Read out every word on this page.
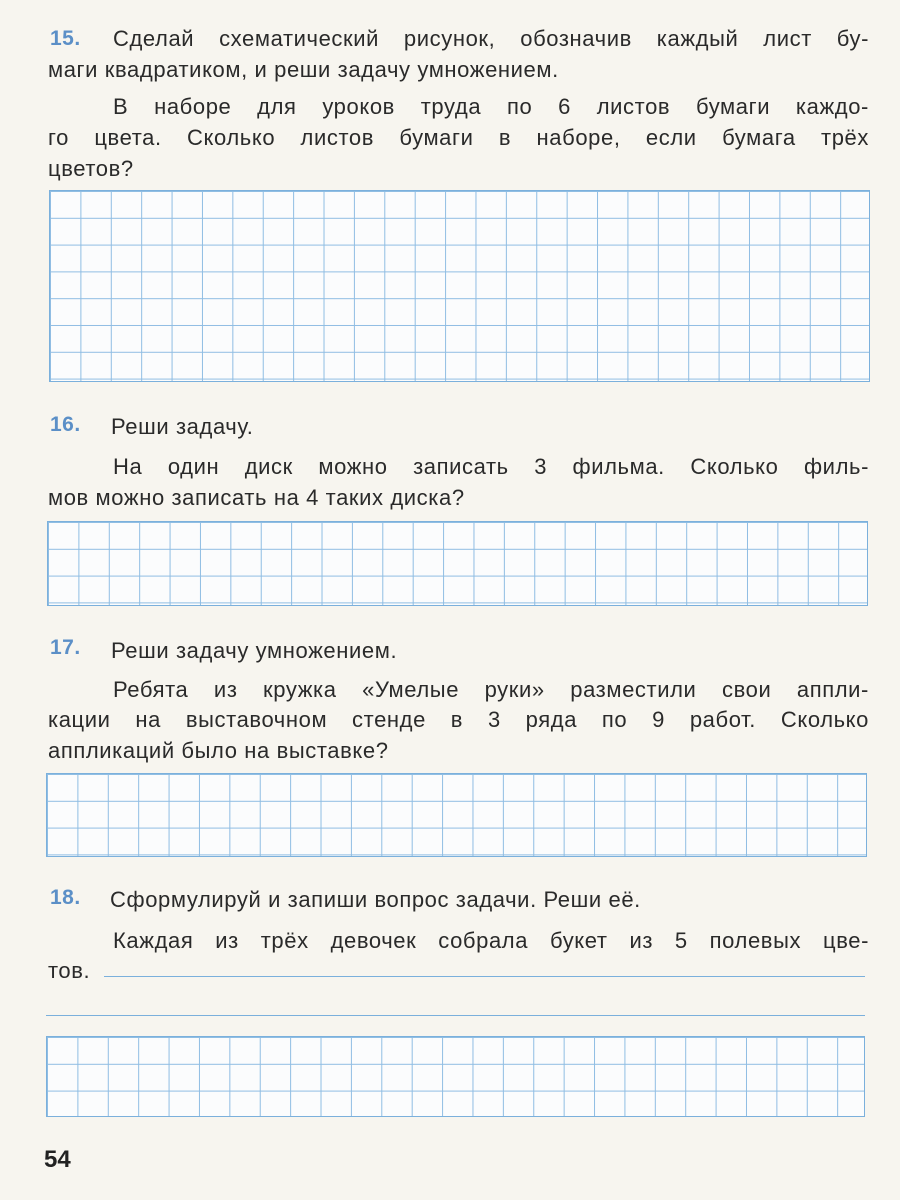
15. Сделай схематический рисунок, обозначив каждый лист бу-
маги квадратиком, и реши задачу умножением.
В наборе для уроков труда по 6 листов бумаги каждо-
го цвета. Сколько листов бумаги в наборе, если бумага трёх
цветов?
16. Реши задачу.
На один диск можно записать 3 фильма. Сколько филь-
мов можно записать на 4 таких диска?
17. Реши задачу умножением.
Ребята из кружка «Умелые руки» разместили свои аппли-
кации на выставочном стенде в 3 ряда по 9 работ. Сколько
аппликаций было на выставке?
18. Сформулируй и запиши вопрос задачи. Реши её.
Каждая из трёх девочек собрала букет из 5 полевых цве-
тов.
54
